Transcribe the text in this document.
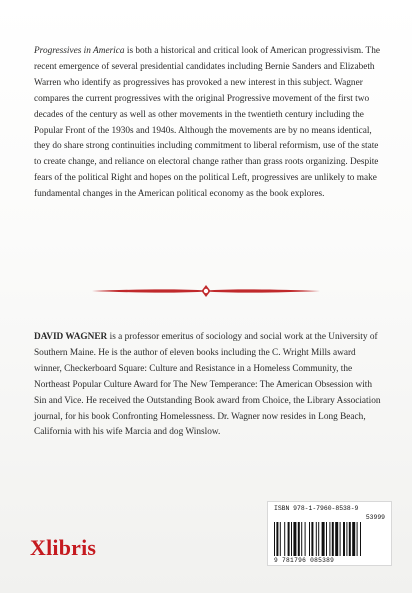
Progressives in America is both a historical and critical look of American progressivism. The recent emergence of several presidential candidates including Bernie Sanders and Elizabeth Warren who identify as progressives has provoked a new interest in this subject. Wagner compares the current progressives with the original Progressive movement of the first two decades of the century as well as other movements in the twentieth century including the Popular Front of the 1930s and 1940s. Although the movements are by no means identical, they do share strong continuities including commitment to liberal reformism, use of the state to create change, and reliance on electoral change rather than grass roots organizing. Despite fears of the political Right and hopes on the political Left, progressives are unlikely to make fundamental changes in the American political economy as the book explores.

DAVID WAGNER is a professor emeritus of sociology and social work at the University of Southern Maine. He is the author of eleven books including the C. Wright Mills award winner, Checkerboard Square: Culture and Resistance in a Homeless Community, the Northeast Popular Culture Award for The New Temperance: The American Obsession with Sin and Vice. He received the Outstanding Book award from Choice, the Library Association journal, for his book Confronting Homelessness. Dr. Wagner now resides in Long Beach, California with his wife Marcia and dog Winslow.

Xlibris
ISBN 978-1-7960-8538-9
53999
9 781796 085389
